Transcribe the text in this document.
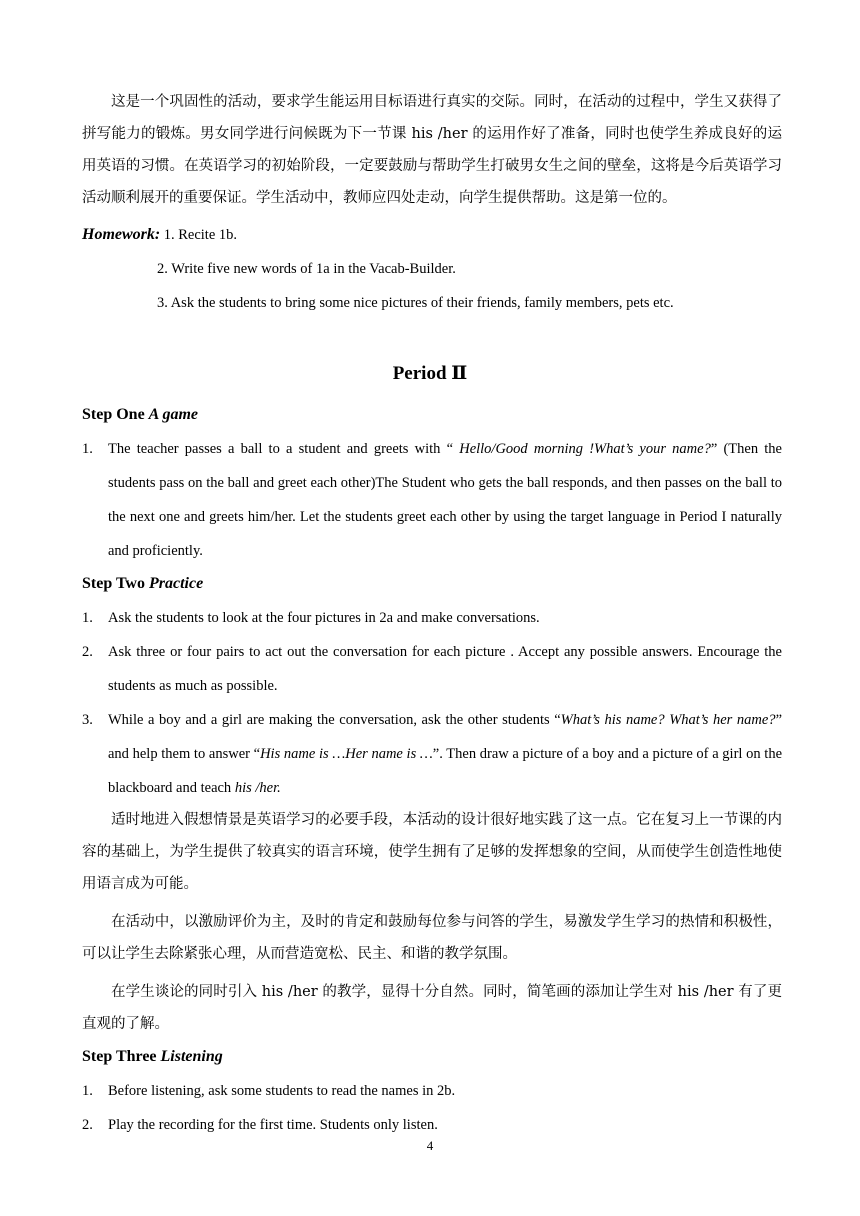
这是一个巩固性的活动，要求学生能运用目标语进行真实的交际。同时，在活动的过程中，学生又获得了拼写能力的锻炼。男女同学进行问候既为下一节课 his /her 的运用作好了准备，同时也使学生养成良好的运用英语的习惯。在英语学习的初始阶段，一定要鼓励与帮助学生打破男女生之间的壁垒，这将是今后英语学习活动顺利展开的重要保证。学生活动中，教师应四处走动，向学生提供帮助。这是第一位的。

Homework: 1. Recite 1b.
2. Write five new words of 1a in the Vacab-Builder.
3. Ask the students to bring some nice pictures of their friends, family members, pets etc.
Period Ⅱ
Step One A game

1. The teacher passes a ball to a student and greets with “ Hello/Good morning !What’s your name?” (Then the students pass on the ball and greet each other)The Student who gets the ball responds, and then passes on the ball to the next one and greets him/her. Let the students greet each other by using the target language in Period I naturally and proficiently.

Step Two Practice

1. Ask the students to look at the four pictures in 2a and make conversations.

2. Ask three or four pairs to act out the conversation for each picture . Accept any possible answers. Encourage the students as much as possible.

3. While a boy and a girl are making the conversation, ask the other students “What’s his name? What’s her name?” and help them to answer “His name is …Her name is …”. Then draw a picture of a boy and a picture of a girl on the blackboard and teach his /her.

适时地进入假想情景是英语学习的必要手段，本活动的设计很好地实践了这一点。它在复习上一节课的内容的基础上，为学生提供了较真实的语言环境，使学生拥有了足够的发挥想象的空间，从而使学生创造性地使用语言成为可能。

在活动中，以激励评价为主，及时的肯定和鼓励每位参与问答的学生，易激发学生学习的热情和积极性，可以让学生去除紧张心理，从而营造宽松、民主、和谐的教学氛围。

在学生谈论的同时引入 his /her 的教学，显得十分自然。同时，简笔画的添加让学生对 his /her 有了更直观的了解。

Step Three Listening

1. Before listening, ask some students to read the names in 2b.

2. Play the recording for the first time. Students only listen.

4
